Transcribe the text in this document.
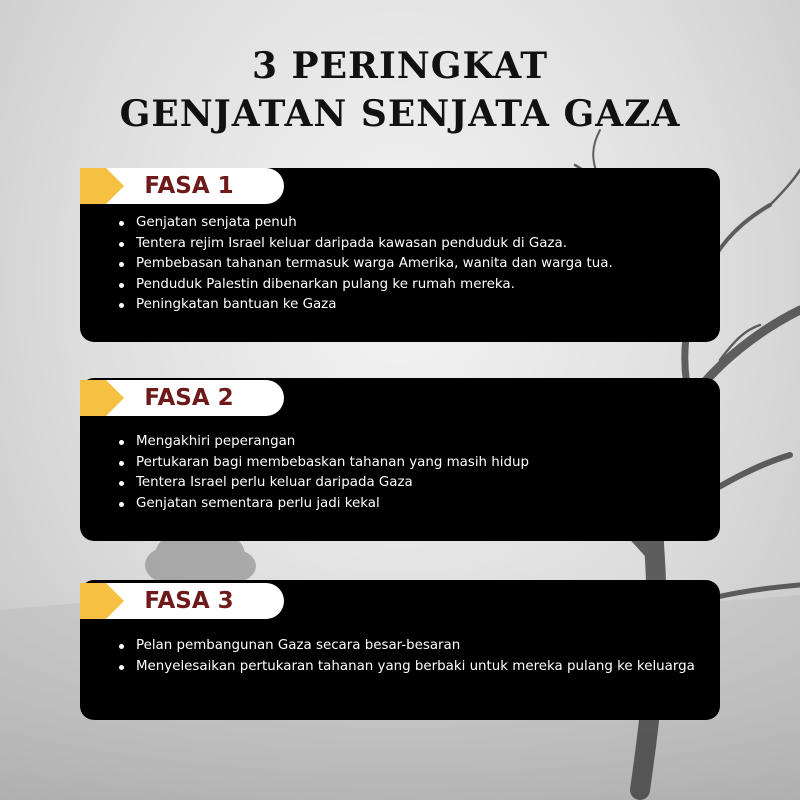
3 PERINGKAT
GENJATAN SENJATA GAZA
FASA 1
Genjatan senjata penuh
Tentera rejim Israel keluar daripada kawasan penduduk di Gaza.
Pembebasan tahanan termasuk warga Amerika, wanita dan warga tua.
Penduduk Palestin dibenarkan pulang ke rumah mereka.
Peningkatan bantuan ke Gaza
FASA 2
Mengakhiri peperangan
Pertukaran bagi membebaskan tahanan yang masih hidup
Tentera Israel perlu keluar daripada Gaza
Genjatan sementara perlu jadi kekal
FASA 3
Pelan pembangunan Gaza secara besar-besaran
Menyelesaikan pertukaran tahanan yang berbaki untuk mereka pulang ke keluarga
